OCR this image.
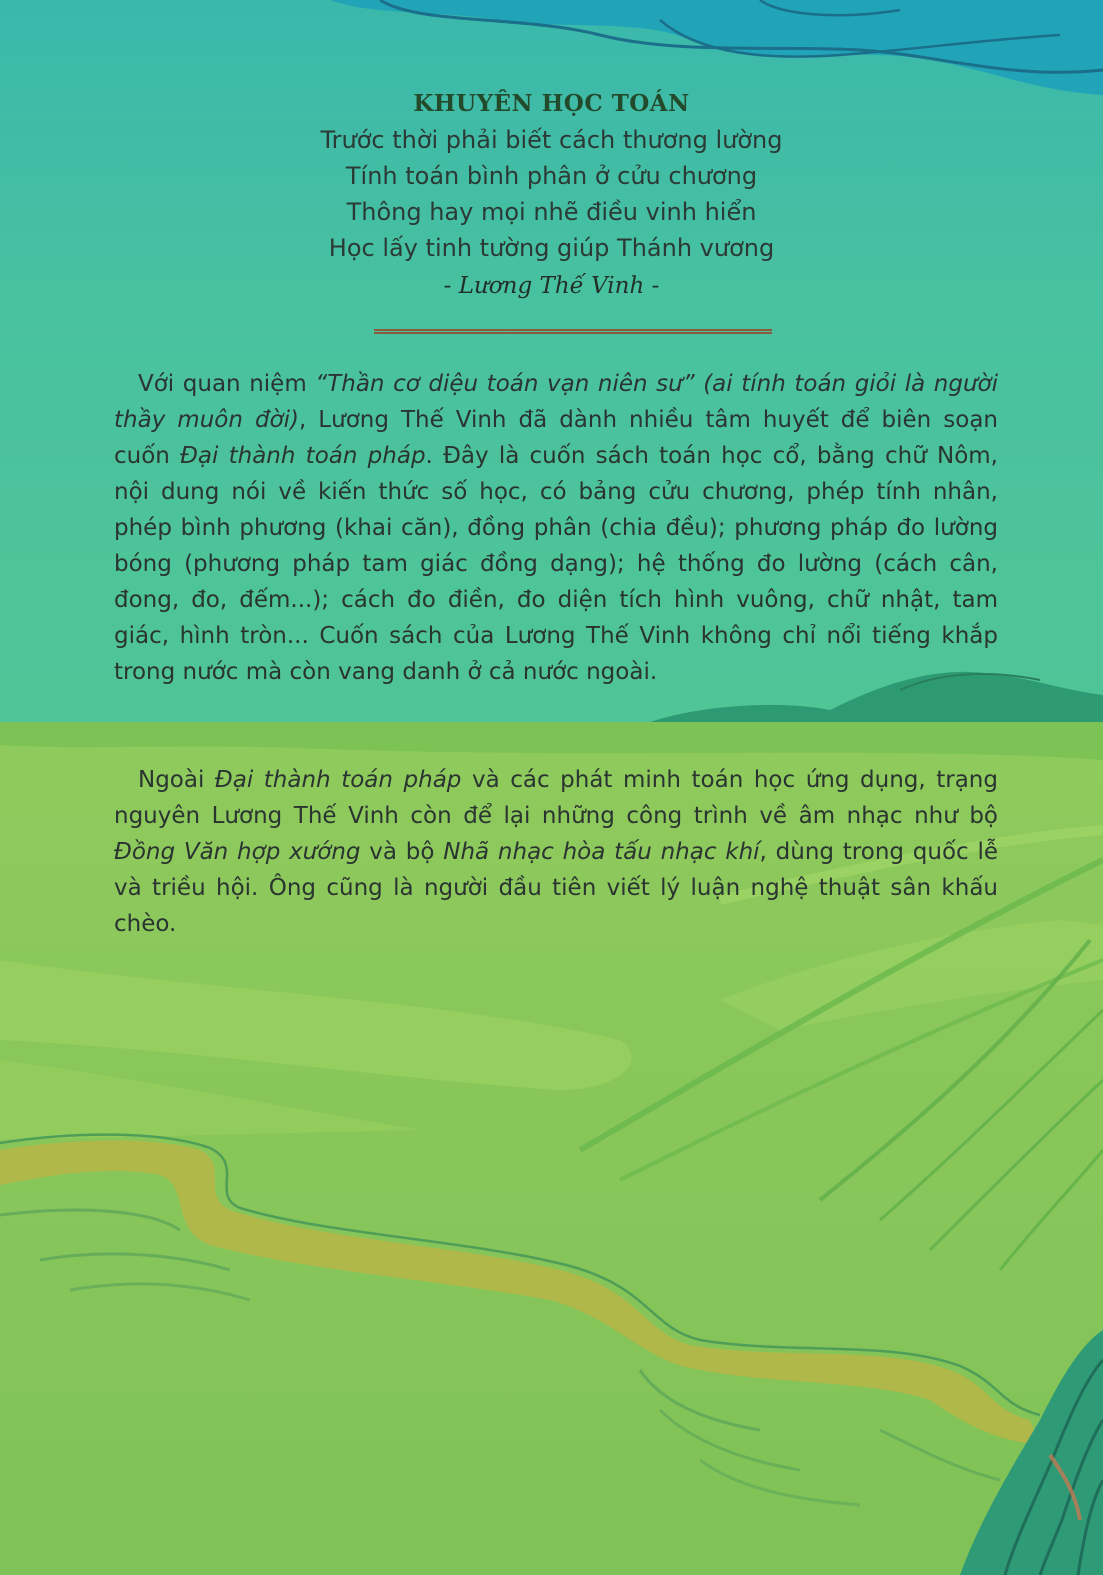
KHUYÊN HỌC TOÁN

Trước thời phải biết cách thương lường

Tính toán bình phân ở cửu chương

Thông hay mọi nhẽ điều vinh hiển

Học lấy tinh tường giúp Thánh vương

- Lương Thế Vinh -

Với quan niệm “Thần cơ diệu toán vạn niên sư” (ai tính toán giỏi là người thầy muôn đời), Lương Thế Vinh đã dành nhiều tâm huyết để biên soạn cuốn Đại thành toán pháp. Đây là cuốn sách toán học cổ, bằng chữ Nôm, nội dung nói về kiến thức số học, có bảng cửu chương, phép tính nhân, phép bình phương (khai căn), đồng phân (chia đều); phương pháp đo lường bóng (phương pháp tam giác đồng dạng); hệ thống đo lường (cách cân, đong, đo, đếm...); cách đo điền, đo diện tích hình vuông, chữ nhật, tam giác, hình tròn... Cuốn sách của Lương Thế Vinh không chỉ nổi tiếng khắp trong nước mà còn vang danh ở cả nước ngoài.

Ngoài Đại thành toán pháp và các phát minh toán học ứng dụng, trạng nguyên Lương Thế Vinh còn để lại những công trình về âm nhạc như bộ Đồng Văn hợp xướng và bộ Nhã nhạc hòa tấu nhạc khí, dùng trong quốc lễ và triều hội. Ông cũng là người đầu tiên viết lý luận nghệ thuật sân khấu chèo.
